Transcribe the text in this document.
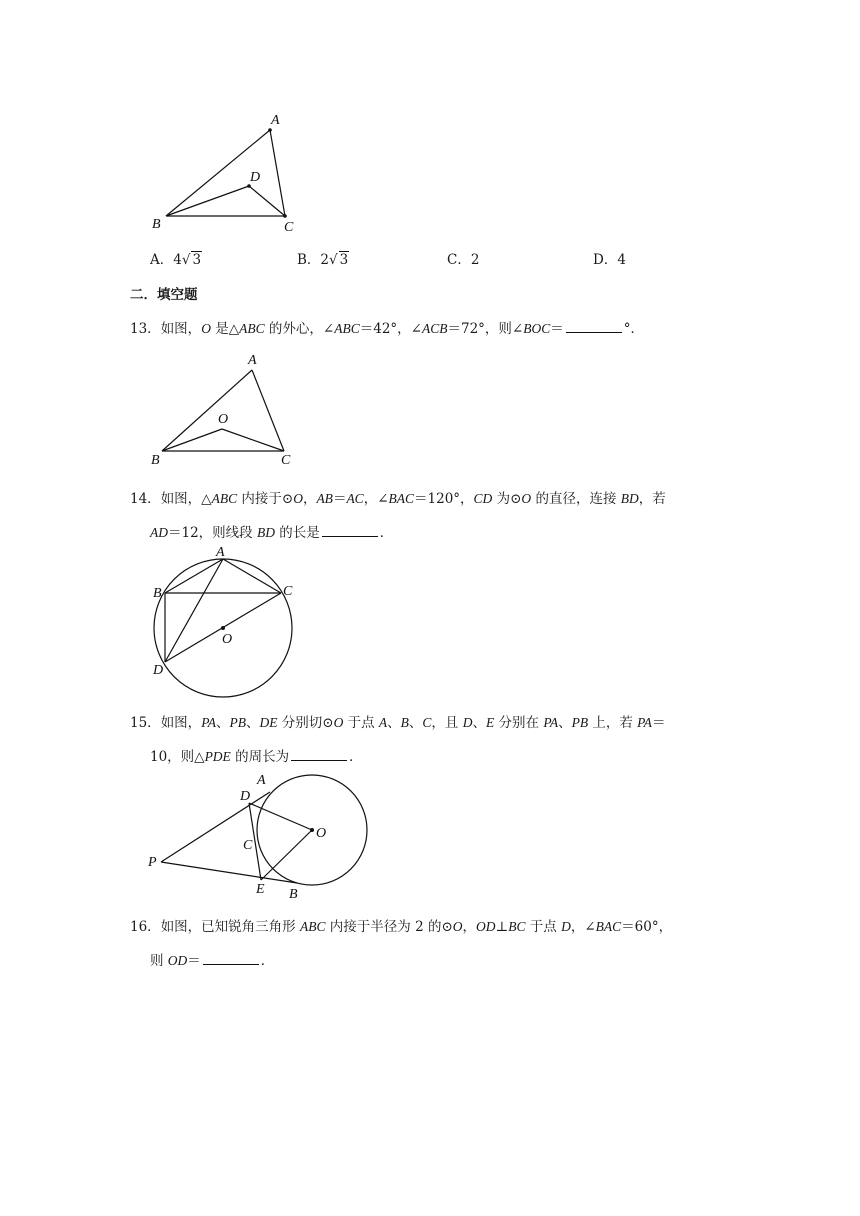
A
D
B	C
A．4√ 3	B．2√ 3	C．2	D．4
二．填空题
13．如图，O 是△ABC 的外心，∠ABC＝42°，∠ACB＝72°，则∠BOC＝	°．
A
O
B	C
14．如图，△ABC 内接于⊙O，AB＝AC，∠BAC＝120°，CD 为⊙O 的直径，连接 BD，若
AD＝12，则线段 BD 的长是	．
A
B	C
O
D
15．如图，PA、PB、DE 分别切⊙O 于点 A、B、C，且 D、E 分别在 PA、PB 上，若 PA＝
10，则△PDE 的周长为	．
A
D
O
C
P
E B
16．如图，已知锐角三角形 ABC 内接于半径为 2 的⊙O，OD⊥BC 于点 D，∠BAC＝60°，
则 OD＝	．
